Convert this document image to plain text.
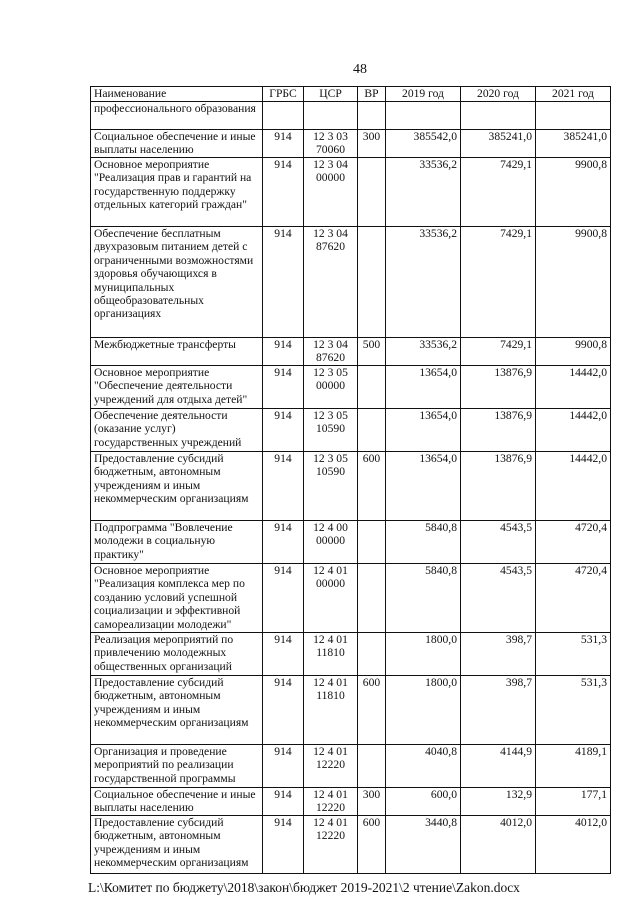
48
Наименование	ГРБС	ЦСР	ВР	2019 год	2020 год	2021 год
профессионального образования						
Социальное обеспечение и иные выплаты населению	914	12 3 03 70060	300	385542,0	385241,0	385241,0
Основное мероприятие "Реализация прав и гарантий на государственную поддержку отдельных категорий граждан"	914	12 3 04 00000		33536,2	7429,1	9900,8
Обеспечение бесплатным двухразовым питанием детей с ограниченными возможностями здоровья обучающихся в муниципальных общеобразовательных организациях	914	12 3 04 87620		33536,2	7429,1	9900,8
Межбюджетные трансферты	914	12 3 04 87620	500	33536,2	7429,1	9900,8
Основное мероприятие "Обеспечение деятельности учреждений для отдыха детей"	914	12 3 05 00000		13654,0	13876,9	14442,0
Обеспечение деятельности (оказание услуг) государственных учреждений	914	12 3 05 10590		13654,0	13876,9	14442,0
Предоставление субсидий бюджетным, автономным учреждениям и иным некоммерческим организациям	914	12 3 05 10590	600	13654,0	13876,9	14442,0
Подпрограмма "Вовлечение молодежи в социальную практику"	914	12 4 00 00000		5840,8	4543,5	4720,4
Основное мероприятие "Реализация комплекса мер по созданию условий успешной социализации и эффективной самореализации молодежи"	914	12 4 01 00000		5840,8	4543,5	4720,4
Реализация мероприятий по привлечению молодежных общественных организаций	914	12 4 01 11810		1800,0	398,7	531,3
Предоставление субсидий бюджетным, автономным учреждениям и иным некоммерческим организациям	914	12 4 01 11810	600	1800,0	398,7	531,3
Организация и проведение мероприятий по реализации государственной программы	914	12 4 01 12220		4040,8	4144,9	4189,1
Социальное обеспечение и иные выплаты населению	914	12 4 01 12220	300	600,0	132,9	177,1
Предоставление субсидий бюджетным, автономным учреждениям и иным некоммерческим организациям	914	12 4 01 12220	600	3440,8	4012,0	4012,0
L:\Комитет по бюджету\2018\закон\бюджет 2019-2021\2 чтение\Zakon.docx
